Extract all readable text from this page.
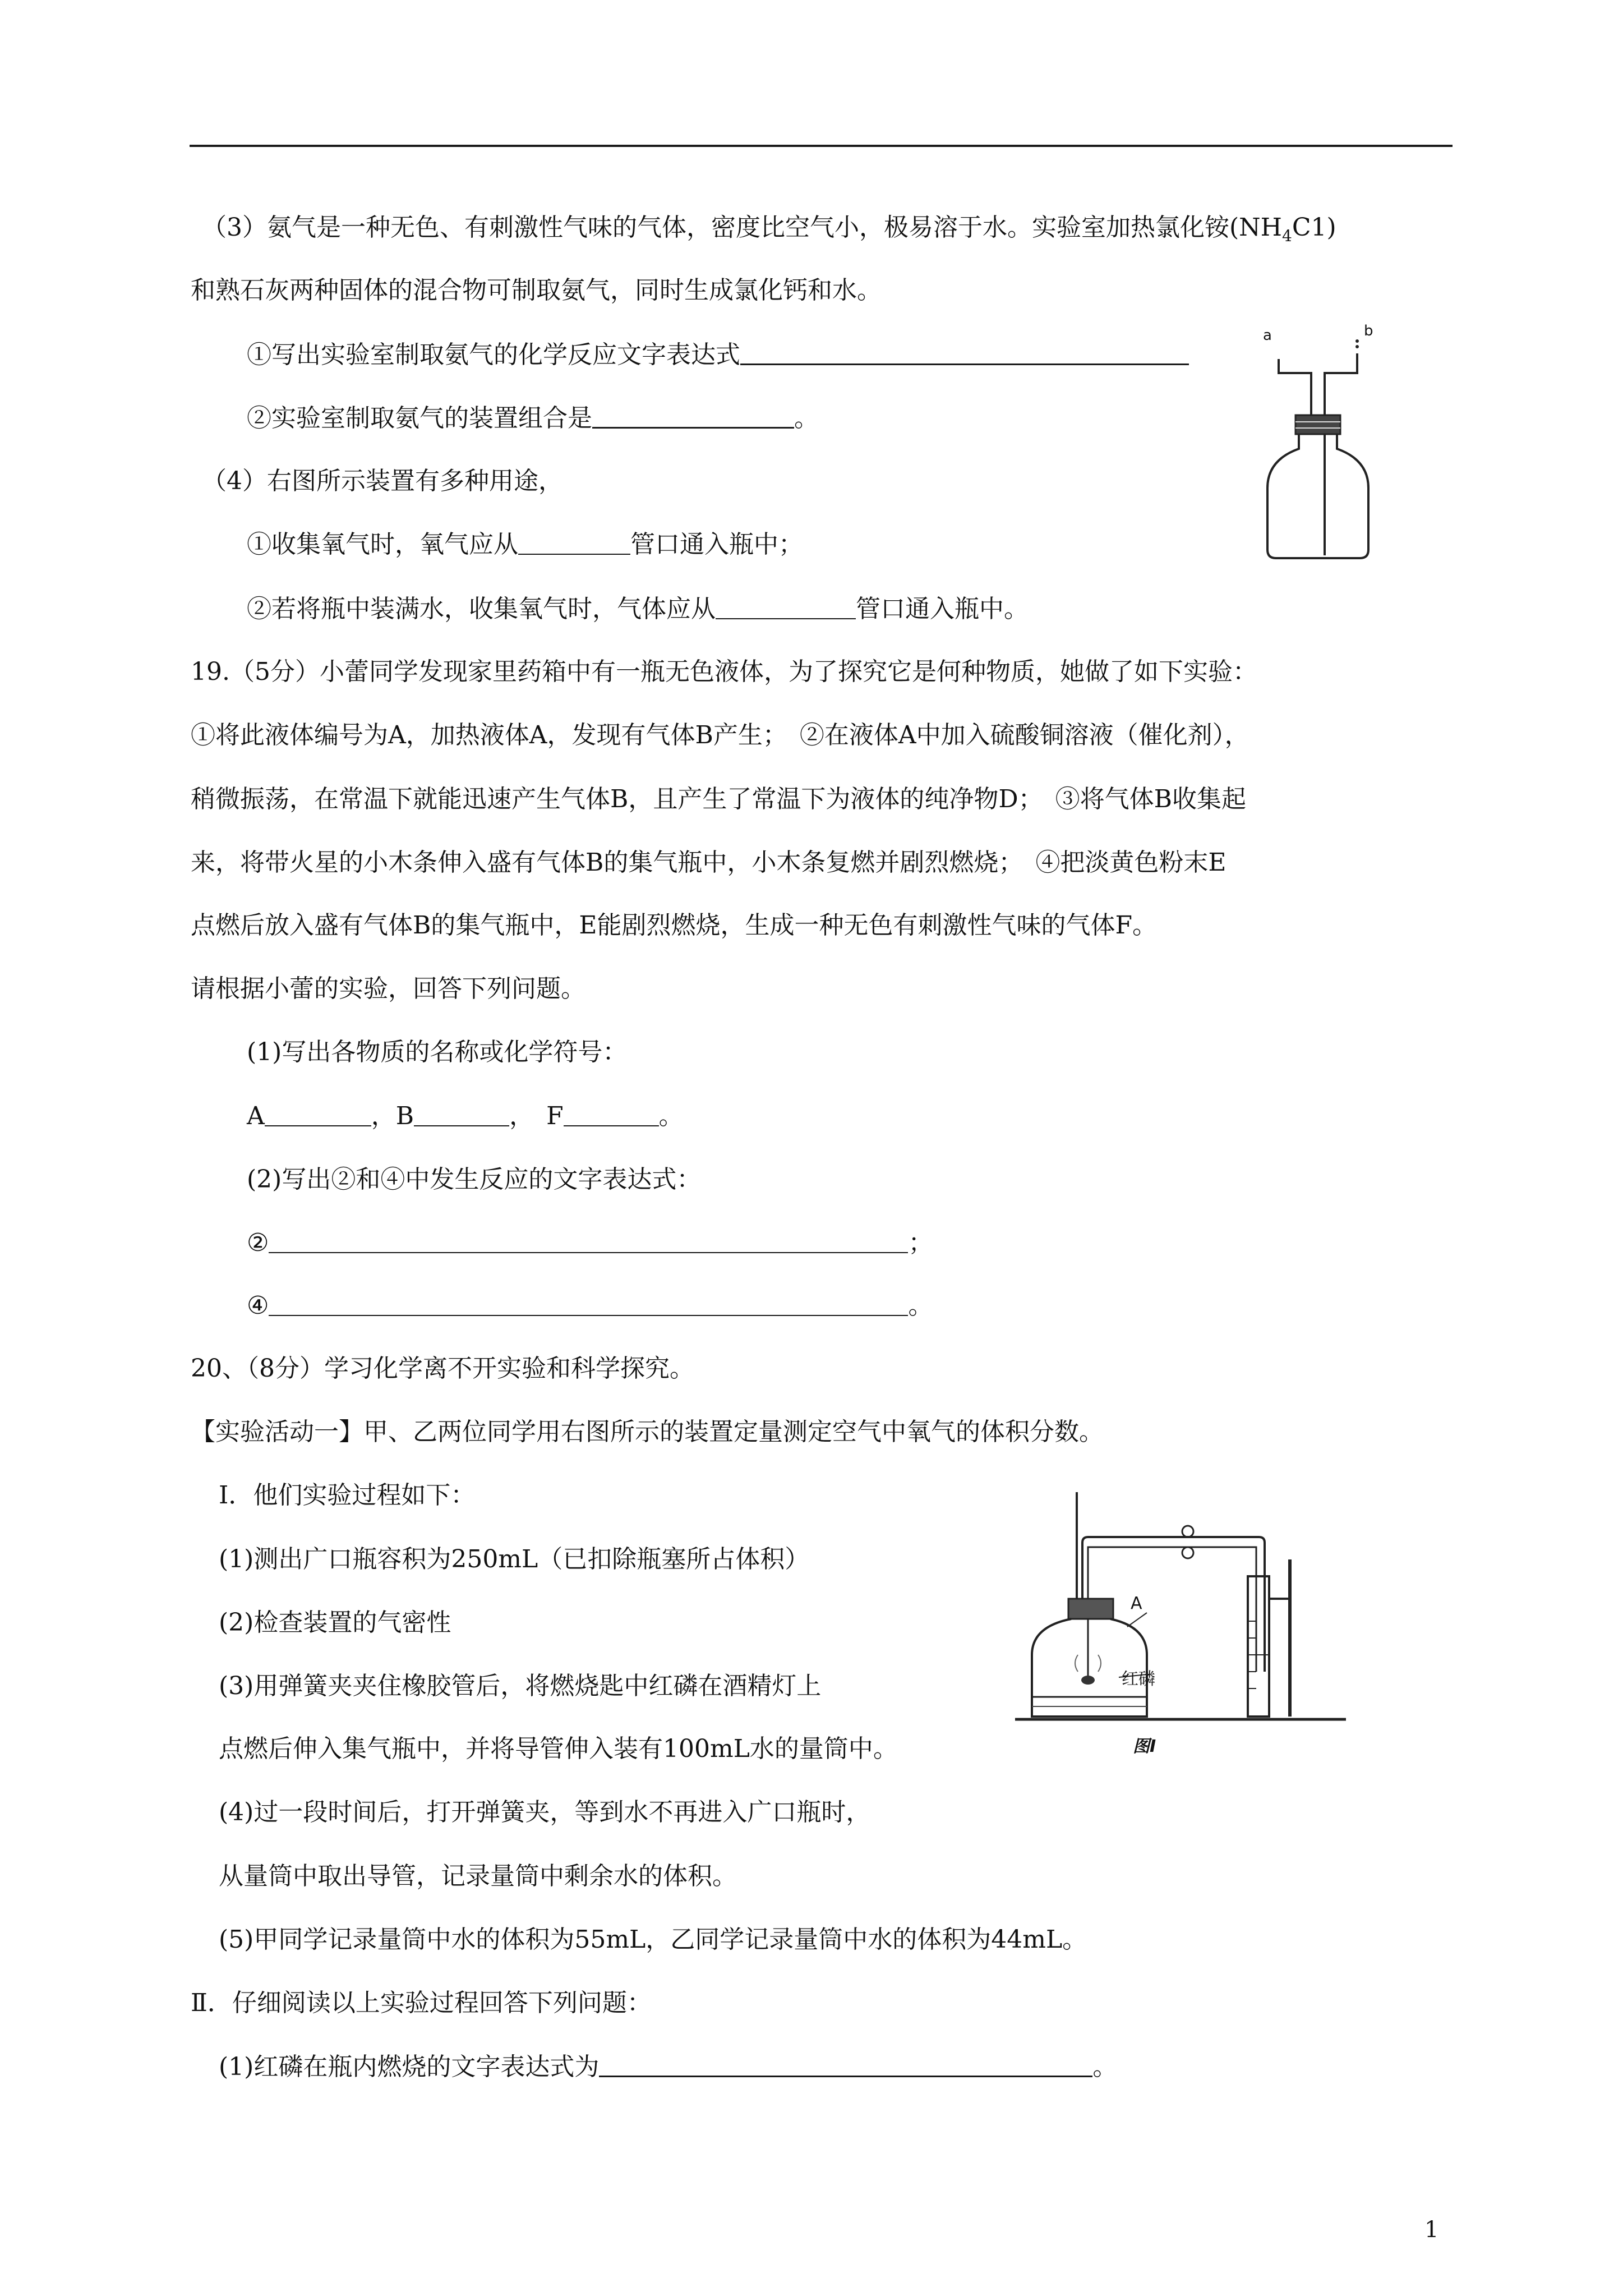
（3）氨气是一种无色、有刺激性气味的气体，密度比空气小，极易溶于水。实验室加热氯化铵$(NH_4C1)$
和熟石灰两种固体的混合物可制取氨气，同时生成氯化钙和水。
①写出实验室制取氨气的化学反应文字表达式
②实验室制取氨气的装置组合是	。
（4）右图所示装置有多种用途，
①收集氧气时，氧气应从	管口通入瓶中；
②若将瓶中装满水，收集氧气时，气体应从	管口通入瓶中。
a	b
19.（5分）小蕾同学发现家里药箱中有一瓶无色液体，为了探究它是何种物质，她做了如下实验：
①将此液体编号为A，加热液体A，发现有气体B产生；　②在液体A中加入硫酸铜溶液（催化剂），
稍微振荡，在常温下就能迅速产生气体B，且产生了常温下为液体的纯净物D；　③将气体B收集起
来，将带火星的小木条伸入盛有气体B的集气瓶中，小木条复燃并剧烈燃烧；　④把淡黄色粉末E
点燃后放入盛有气体B的集气瓶中，E能剧烈燃烧，生成一种无色有刺激性气味的气体F。
请根据小蕾的实验，回答下列问题。
(1)写出各物质的名称或化学符号：
A	，B	，　F	。
(2)写出②和④中发生反应的文字表达式：
②	；
④	。
20、（8分）学习化学离不开实验和科学探究。
【实验活动一】甲、乙两位同学用右图所示的装置定量测定空气中氧气的体积分数。
Ⅰ．他们实验过程如下：
(1)测出广口瓶容积为250mL（已扣除瓶塞所占体积）
(2)检查装置的气密性
(3)用弹簧夹夹住橡胶管后，将燃烧匙中红磷在酒精灯上
点燃后伸入集气瓶中，并将导管伸入装有100mL水的量筒中。
(4)过一段时间后，打开弹簧夹，等到水不再进入广口瓶时，
从量筒中取出导管，记录量筒中剩余水的体积。
(5)甲同学记录量筒中水的体积为55mL，乙同学记录量筒中水的体积为44mL。
Ⅱ．仔细阅读以上实验过程回答下列问题：
(1)红磷在瓶内燃烧的文字表达式为	。
A
红磷
图Ⅰ
1
